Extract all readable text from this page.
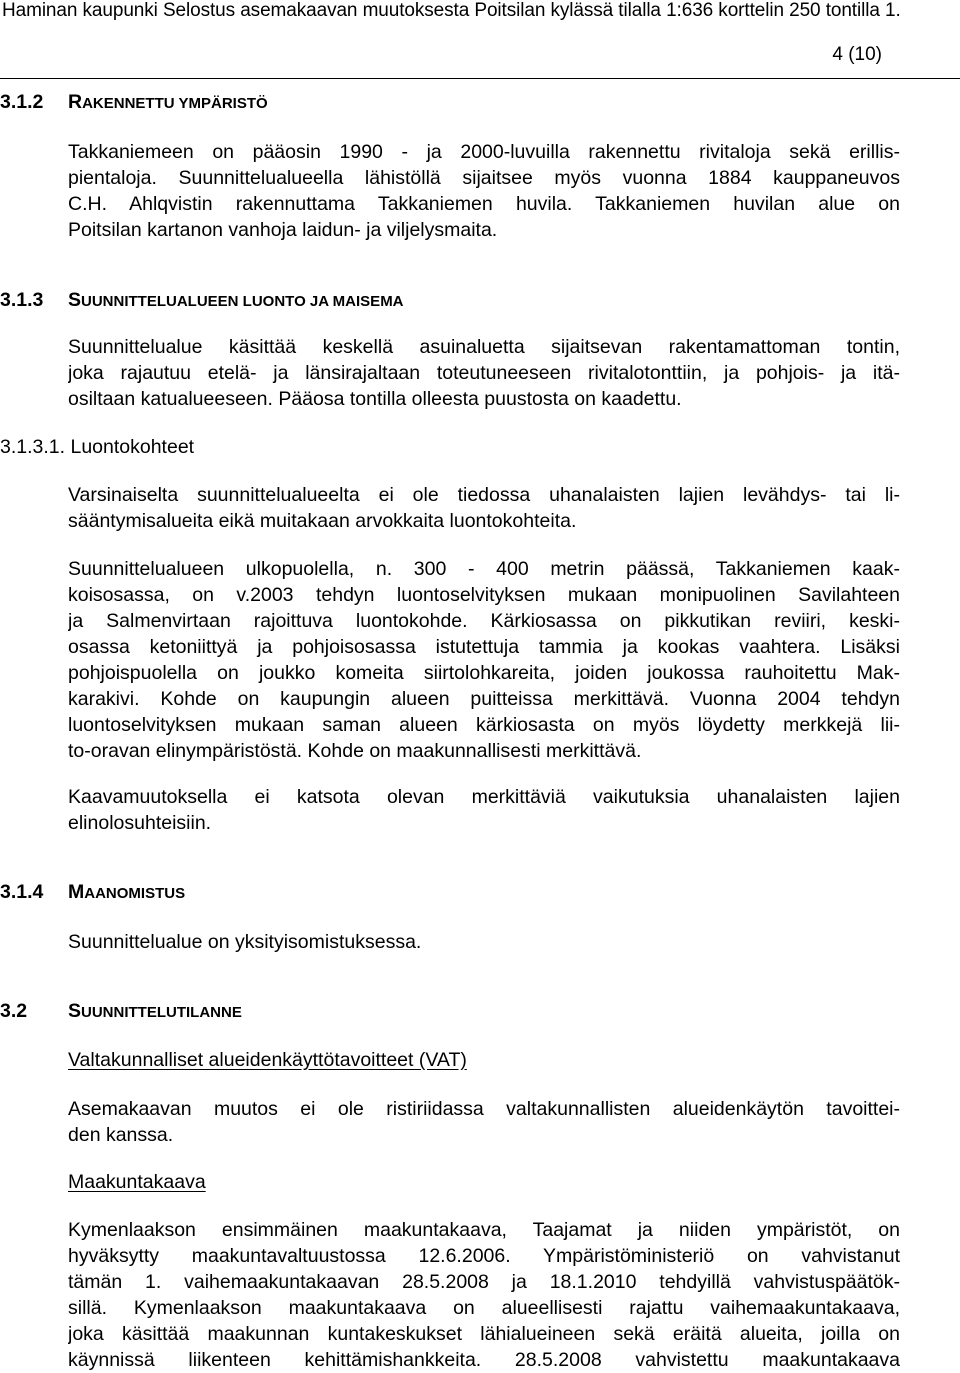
Haminan kaupunki Selostus asemakaavan muutoksesta Poitsilan kylässä tilalla 1:636 korttelin 250 tontilla 1.
4 (10)
3.1.2 RAKENNETTU YMPÄRISTÖ
Takkaniemeen on pääosin 1990 - ja 2000-luvuilla rakennettu rivitaloja sekä erillis-
pientaloja. Suunnittelualueella lähistöllä sijaitsee myös vuonna 1884 kauppaneuvos
C.H. Ahlqvistin rakennuttama Takkaniemen huvila. Takkaniemen huvilan alue on
Poitsilan kartanon vanhoja laidun- ja viljelysmaita.
3.1.3 SUUNNITTELUALUEEN LUONTO JA MAISEMA
Suunnittelualue käsittää keskellä asuinaluetta sijaitsevan rakentamattoman tontin,
joka rajautuu etelä- ja länsirajaltaan toteutuneeseen rivitalotonttiin, ja pohjois- ja itä-
osiltaan katualueeseen. Pääosa tontilla olleesta puustosta on kaadettu.
3.1.3.1. Luontokohteet
Varsinaiselta suunnittelualueelta ei ole tiedossa uhanalaisten lajien levähdys- tai li-
sääntymisalueita eikä muitakaan arvokkaita luontokohteita.
Suunnittelualueen ulkopuolella, n. 300 - 400 metrin päässä, Takkaniemen kaak-
koisosassa, on v.2003 tehdyn luontoselvityksen mukaan monipuolinen Savilahteen
ja Salmenvirtaan rajoittuva luontokohde. Kärkiosassa on pikkutikan reviiri, keski-
osassa ketoniittyä ja pohjoisosassa istutettuja tammia ja kookas vaahtera. Lisäksi
pohjoispuolella on joukko komeita siirtolohkareita, joiden joukossa rauhoitettu Mak-
karakivi. Kohde on kaupungin alueen puitteissa merkittävä. Vuonna 2004 tehdyn
luontoselvityksen mukaan saman alueen kärkiosasta on myös löydetty merkkejä lii-
to-oravan elinympäristöstä. Kohde on maakunnallisesti merkittävä.
Kaavamuutoksella ei katsota olevan merkittäviä vaikutuksia uhanalaisten lajien
elinolosuhteisiin.
3.1.4 MAANOMISTUS
Suunnittelualue on yksityisomistuksessa.
3.2 SUUNNITTELUTILANNE
Valtakunnalliset alueidenkäyttötavoitteet (VAT)
Asemakaavan muutos ei ole ristiriidassa valtakunnallisten alueidenkäytön tavoittei-
den kanssa.
Maakuntakaava
Kymenlaakson ensimmäinen maakuntakaava, Taajamat ja niiden ympäristöt, on
hyväksytty maakuntavaltuustossa 12.6.2006. Ympäristöministeriö on vahvistanut
tämän 1. vaihemaakuntakaavan 28.5.2008 ja 18.1.2010 tehdyillä vahvistuspäätök-
sillä. Kymenlaakson maakuntakaava on alueellisesti rajattu vaihemaakuntakaava,
joka käsittää maakunnan kuntakeskukset lähialueineen sekä eräitä alueita, joilla on
käynnissä liikenteen kehittämishankkeita. 28.5.2008 vahvistettu maakuntakaava
